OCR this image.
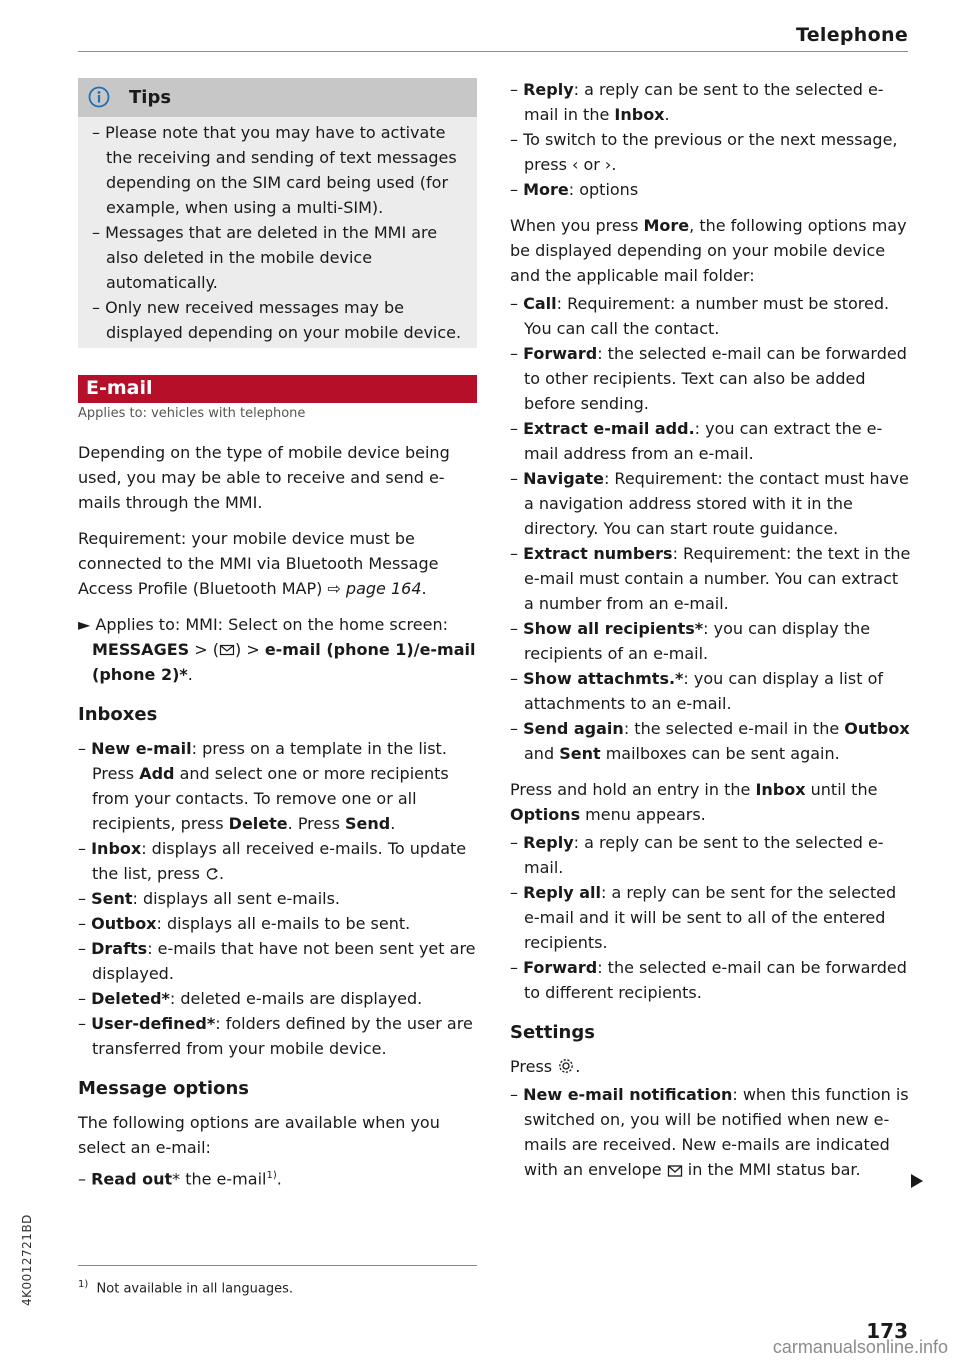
Telephone
4K0012721BD
Tips

– Please note that you may have to activate the receiving and sending of text messages depending on the SIM card being used (for example, when using a multi-SIM).

– Messages that are deleted in the MMI are also deleted in the mobile device automatically.

– Only new received messages may be displayed depending on your mobile device.

E-mail
Applies to: vehicles with telephone

Depending on the type of mobile device being used, you may be able to receive and send e-mails through the MMI.

Requirement: your mobile device must be connected to the MMI via Bluetooth Message Access Profile (Bluetooth MAP) ⇨ page 164.

► Applies to: MMI: Select on the home screen: MESSAGES > ( ) > e-mail (phone 1)/e-mail (phone 2)*.

Inboxes

– New e-mail: press on a template in the list. Press Add and select one or more recipients from your contacts. To remove one or all recipients, press Delete. Press Send.

– Inbox: displays all received e-mails. To update the list, press .

– Sent: displays all sent e-mails.

– Outbox: displays all e-mails to be sent.

– Drafts: e-mails that have not been sent yet are displayed.

– Deleted*: deleted e-mails are displayed.

– User-defined*: folders defined by the user are transferred from your mobile device.

Message options

The following options are available when you select an e-mail:

– Read out* the e-mail$^{1)}$.

– Reply: a reply can be sent to the selected e-mail in the Inbox.

– To switch to the previous or the next message, press ‹ or ›.

– More: options

When you press More, the following options may be displayed depending on your mobile device and the applicable mail folder:

– Call: Requirement: a number must be stored. You can call the contact.

– Forward: the selected e-mail can be forwarded to other recipients. Text can also be added before sending.

– Extract e-mail add.: you can extract the e-mail address from an e-mail.

– Navigate: Requirement: the contact must have a navigation address stored with it in the directory. You can start route guidance.

– Extract numbers: Requirement: the text in the e-mail must contain a number. You can extract a number from an e-mail.

– Show all recipients*: you can display the recipients of an e-mail.

– Show attachmts.*: you can display a list of attachments to an e-mail.

– Send again: the selected e-mail in the Outbox and Sent mailboxes can be sent again.

Press and hold an entry in the Inbox until the Options menu appears.

– Reply: a reply can be sent to the selected e-mail.

– Reply all: a reply can be sent for the selected e-mail and it will be sent to all of the entered recipients.

– Forward: the selected e-mail can be forwarded to different recipients.

Settings

Press .

– New e-mail notification: when this function is switched on, you will be notified when new e-mails are received. New e-mails are indicated with an envelope  in the MMI status bar.

$^{1)}$ Not available in all languages.
173
carmanualsonline.info
